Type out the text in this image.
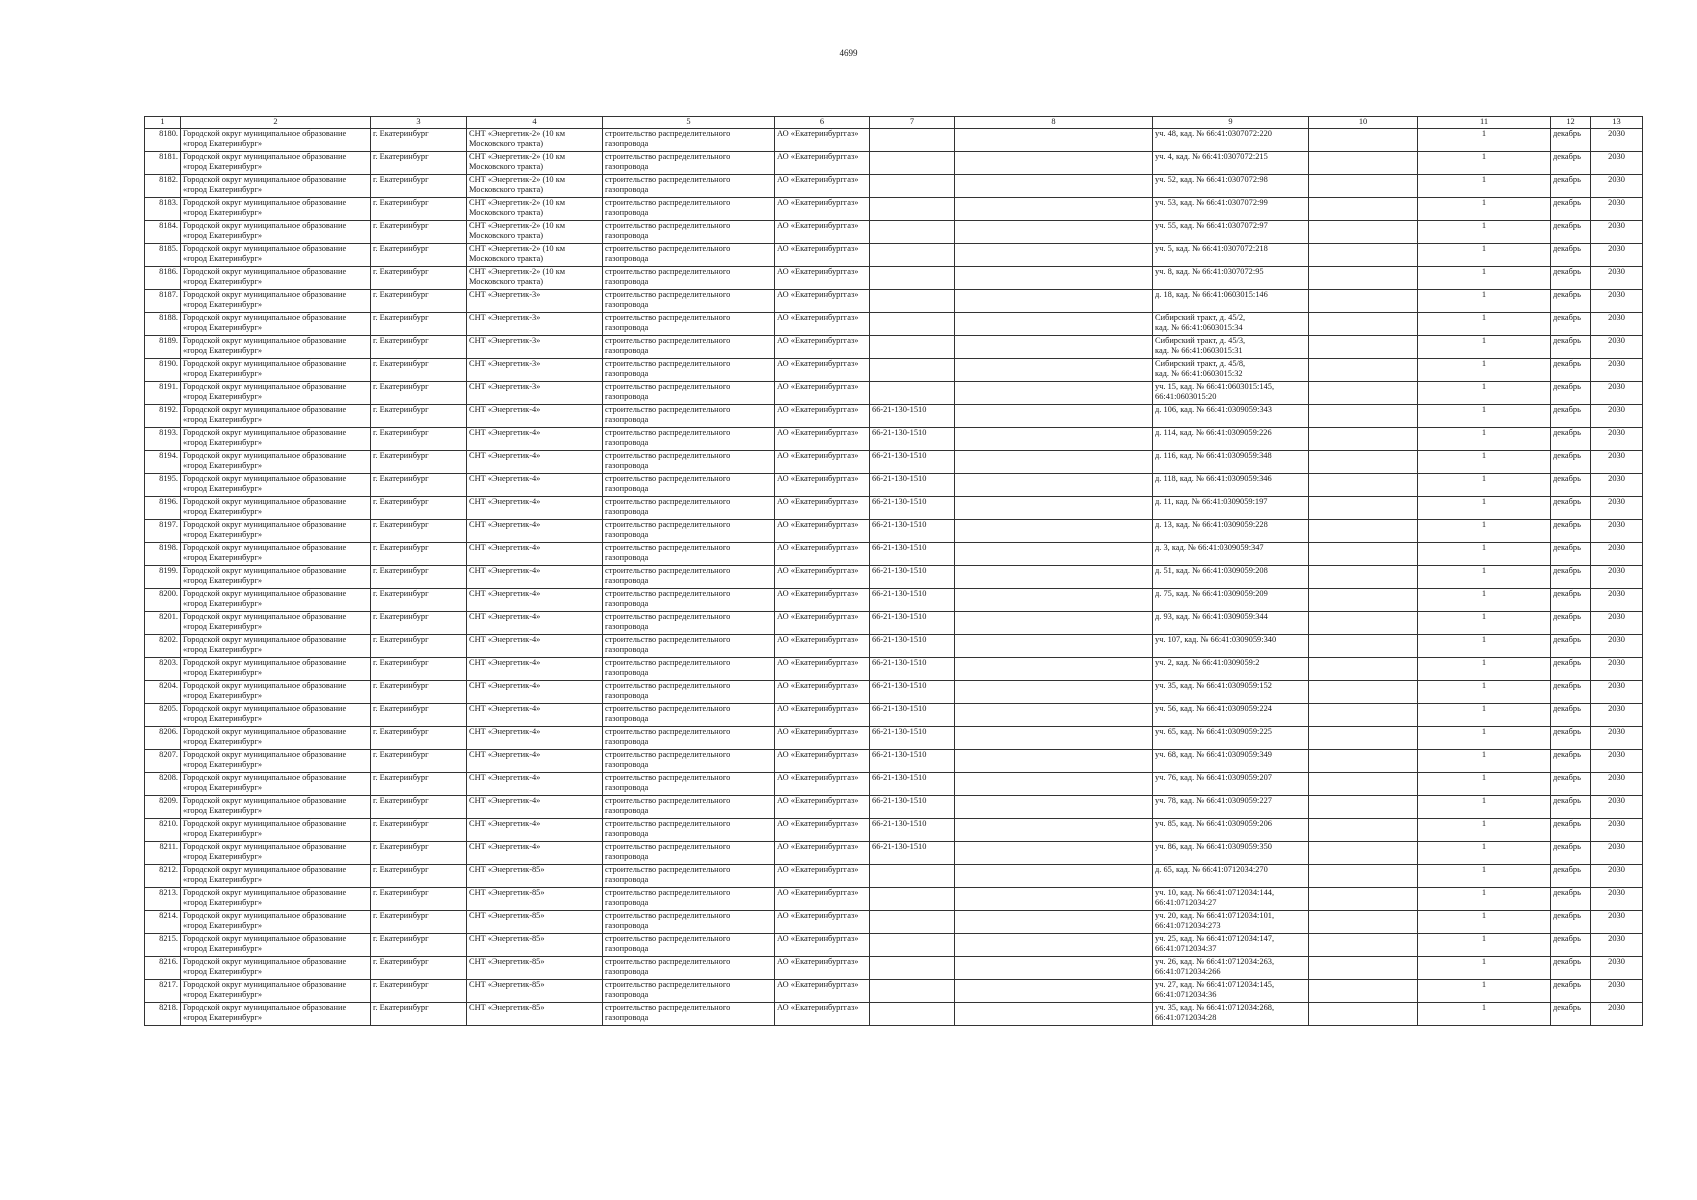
4699
1	2	3	4	5	6	7	8	9	10	11	12	13

8180.	Городской округ муниципальное образование
«город Екатеринбург»	г. Екатеринбург	СНТ «Энергетик-2» (10 км
Московского тракта)	строительство распределительного
газопровода	АО «Екатеринбурггаз»			уч. 48, кад. № 66:41:0307072:220		1	декабрь	2030

8181.	Городской округ муниципальное образование
«город Екатеринбург»	г. Екатеринбург	СНТ «Энергетик-2» (10 км
Московского тракта)	строительство распределительного
газопровода	АО «Екатеринбурггаз»			уч. 4, кад. № 66:41:0307072:215		1	декабрь	2030

8182.	Городской округ муниципальное образование
«город Екатеринбург»	г. Екатеринбург	СНТ «Энергетик-2» (10 км
Московского тракта)	строительство распределительного
газопровода	АО «Екатеринбурггаз»			уч. 52, кад. № 66:41:0307072:98		1	декабрь	2030

8183.	Городской округ муниципальное образование
«город Екатеринбург»	г. Екатеринбург	СНТ «Энергетик-2» (10 км
Московского тракта)	строительство распределительного
газопровода	АО «Екатеринбурггаз»			уч. 53, кад. № 66:41:0307072:99		1	декабрь	2030

8184.	Городской округ муниципальное образование
«город Екатеринбург»	г. Екатеринбург	СНТ «Энергетик-2» (10 км
Московского тракта)	строительство распределительного
газопровода	АО «Екатеринбурггаз»			уч. 55, кад. № 66:41:0307072:97		1	декабрь	2030

8185.	Городской округ муниципальное образование
«город Екатеринбург»	г. Екатеринбург	СНТ «Энергетик-2» (10 км
Московского тракта)	строительство распределительного
газопровода	АО «Екатеринбурггаз»			уч. 5, кад. № 66:41:0307072:218		1	декабрь	2030

8186.	Городской округ муниципальное образование
«город Екатеринбург»	г. Екатеринбург	СНТ «Энергетик-2» (10 км
Московского тракта)	строительство распределительного
газопровода	АО «Екатеринбурггаз»			уч. 8, кад. № 66:41:0307072:95		1	декабрь	2030

8187.	Городской округ муниципальное образование
«город Екатеринбург»	г. Екатеринбург	СНТ «Энергетик-3»	строительство распределительного
газопровода	АО «Екатеринбурггаз»			д. 18, кад. № 66:41:0603015:146		1	декабрь	2030

8188.	Городской округ муниципальное образование
«город Екатеринбург»	г. Екатеринбург	СНТ «Энергетик-3»	строительство распределительного
газопровода	АО «Екатеринбурггаз»			Сибирский тракт, д. 45/2,
кад. № 66:41:0603015:34		1	декабрь	2030

8189.	Городской округ муниципальное образование
«город Екатеринбург»	г. Екатеринбург	СНТ «Энергетик-3»	строительство распределительного
газопровода	АО «Екатеринбурггаз»			Сибирский тракт, д. 45/3,
кад. № 66:41:0603015:31		1	декабрь	2030

8190.	Городской округ муниципальное образование
«город Екатеринбург»	г. Екатеринбург	СНТ «Энергетик-3»	строительство распределительного
газопровода	АО «Екатеринбурггаз»			Сибирский тракт, д. 45/8,
кад. № 66:41:0603015:32		1	декабрь	2030

8191.	Городской округ муниципальное образование
«город Екатеринбург»	г. Екатеринбург	СНТ «Энергетик-3»	строительство распределительного
газопровода	АО «Екатеринбурггаз»			уч. 15, кад. № 66:41:0603015:145,
66:41:0603015:20		1	декабрь	2030

8192.	Городской округ муниципальное образование
«город Екатеринбург»	г. Екатеринбург	СНТ «Энергетик-4»	строительство распределительного
газопровода	АО «Екатеринбурггаз»	66-21-130-1510		д. 106, кад. № 66:41:0309059:343		1	декабрь	2030

8193.	Городской округ муниципальное образование
«город Екатеринбург»	г. Екатеринбург	СНТ «Энергетик-4»	строительство распределительного
газопровода	АО «Екатеринбурггаз»	66-21-130-1510		д. 114, кад. № 66:41:0309059:226		1	декабрь	2030

8194.	Городской округ муниципальное образование
«город Екатеринбург»	г. Екатеринбург	СНТ «Энергетик-4»	строительство распределительного
газопровода	АО «Екатеринбурггаз»	66-21-130-1510		д. 116, кад. № 66:41:0309059:348		1	декабрь	2030

8195.	Городской округ муниципальное образование
«город Екатеринбург»	г. Екатеринбург	СНТ «Энергетик-4»	строительство распределительного
газопровода	АО «Екатеринбурггаз»	66-21-130-1510		д. 118, кад. № 66:41:0309059:346		1	декабрь	2030

8196.	Городской округ муниципальное образование
«город Екатеринбург»	г. Екатеринбург	СНТ «Энергетик-4»	строительство распределительного
газопровода	АО «Екатеринбурггаз»	66-21-130-1510		д. 11, кад. № 66:41:0309059:197		1	декабрь	2030

8197.	Городской округ муниципальное образование
«город Екатеринбург»	г. Екатеринбург	СНТ «Энергетик-4»	строительство распределительного
газопровода	АО «Екатеринбурггаз»	66-21-130-1510		д. 13, кад. № 66:41:0309059:228		1	декабрь	2030

8198.	Городской округ муниципальное образование
«город Екатеринбург»	г. Екатеринбург	СНТ «Энергетик-4»	строительство распределительного
газопровода	АО «Екатеринбурггаз»	66-21-130-1510		д. 3, кад. № 66:41:0309059:347		1	декабрь	2030

8199.	Городской округ муниципальное образование
«город Екатеринбург»	г. Екатеринбург	СНТ «Энергетик-4»	строительство распределительного
газопровода	АО «Екатеринбурггаз»	66-21-130-1510		д. 51, кад. № 66:41:0309059:208		1	декабрь	2030

8200.	Городской округ муниципальное образование
«город Екатеринбург»	г. Екатеринбург	СНТ «Энергетик-4»	строительство распределительного
газопровода	АО «Екатеринбурггаз»	66-21-130-1510		д. 75, кад. № 66:41:0309059:209		1	декабрь	2030

8201.	Городской округ муниципальное образование
«город Екатеринбург»	г. Екатеринбург	СНТ «Энергетик-4»	строительство распределительного
газопровода	АО «Екатеринбурггаз»	66-21-130-1510		д. 93, кад. № 66:41:0309059:344		1	декабрь	2030

8202.	Городской округ муниципальное образование
«город Екатеринбург»	г. Екатеринбург	СНТ «Энергетик-4»	строительство распределительного
газопровода	АО «Екатеринбурггаз»	66-21-130-1510		уч. 107, кад. № 66:41:0309059:340		1	декабрь	2030

8203.	Городской округ муниципальное образование
«город Екатеринбург»	г. Екатеринбург	СНТ «Энергетик-4»	строительство распределительного
газопровода	АО «Екатеринбурггаз»	66-21-130-1510		уч. 2, кад. № 66:41:0309059:2		1	декабрь	2030

8204.	Городской округ муниципальное образование
«город Екатеринбург»	г. Екатеринбург	СНТ «Энергетик-4»	строительство распределительного
газопровода	АО «Екатеринбурггаз»	66-21-130-1510		уч. 35, кад. № 66:41:0309059:152		1	декабрь	2030

8205.	Городской округ муниципальное образование
«город Екатеринбург»	г. Екатеринбург	СНТ «Энергетик-4»	строительство распределительного
газопровода	АО «Екатеринбурггаз»	66-21-130-1510		уч. 56, кад. № 66:41:0309059:224		1	декабрь	2030

8206.	Городской округ муниципальное образование
«город Екатеринбург»	г. Екатеринбург	СНТ «Энергетик-4»	строительство распределительного
газопровода	АО «Екатеринбурггаз»	66-21-130-1510		уч. 65, кад. № 66:41:0309059:225		1	декабрь	2030

8207.	Городской округ муниципальное образование
«город Екатеринбург»	г. Екатеринбург	СНТ «Энергетик-4»	строительство распределительного
газопровода	АО «Екатеринбурггаз»	66-21-130-1510		уч. 68, кад. № 66:41:0309059:349		1	декабрь	2030

8208.	Городской округ муниципальное образование
«город Екатеринбург»	г. Екатеринбург	СНТ «Энергетик-4»	строительство распределительного
газопровода	АО «Екатеринбурггаз»	66-21-130-1510		уч. 76, кад. № 66:41:0309059:207		1	декабрь	2030

8209.	Городской округ муниципальное образование
«город Екатеринбург»	г. Екатеринбург	СНТ «Энергетик-4»	строительство распределительного
газопровода	АО «Екатеринбурггаз»	66-21-130-1510		уч. 78, кад. № 66:41:0309059:227		1	декабрь	2030

8210.	Городской округ муниципальное образование
«город Екатеринбург»	г. Екатеринбург	СНТ «Энергетик-4»	строительство распределительного
газопровода	АО «Екатеринбурггаз»	66-21-130-1510		уч. 85, кад. № 66:41:0309059:206		1	декабрь	2030

8211.	Городской округ муниципальное образование
«город Екатеринбург»	г. Екатеринбург	СНТ «Энергетик-4»	строительство распределительного
газопровода	АО «Екатеринбурггаз»	66-21-130-1510		уч. 86, кад. № 66:41:0309059:350		1	декабрь	2030

8212.	Городской округ муниципальное образование
«город Екатеринбург»	г. Екатеринбург	СНТ «Энергетик-85»	строительство распределительного
газопровода	АО «Екатеринбурггаз»			д. 65, кад. № 66:41:0712034:270		1	декабрь	2030

8213.	Городской округ муниципальное образование
«город Екатеринбург»	г. Екатеринбург	СНТ «Энергетик-85»	строительство распределительного
газопровода	АО «Екатеринбурггаз»			уч. 10, кад. № 66:41:0712034:144,
66:41:0712034:27		1	декабрь	2030

8214.	Городской округ муниципальное образование
«город Екатеринбург»	г. Екатеринбург	СНТ «Энергетик-85»	строительство распределительного
газопровода	АО «Екатеринбурггаз»			уч. 20, кад. № 66:41:0712034:101,
66:41:0712034:273		1	декабрь	2030

8215.	Городской округ муниципальное образование
«город Екатеринбург»	г. Екатеринбург	СНТ «Энергетик-85»	строительство распределительного
газопровода	АО «Екатеринбурггаз»			уч. 25, кад. № 66:41:0712034:147,
66:41:0712034:37		1	декабрь	2030

8216.	Городской округ муниципальное образование
«город Екатеринбург»	г. Екатеринбург	СНТ «Энергетик-85»	строительство распределительного
газопровода	АО «Екатеринбурггаз»			уч. 26, кад. № 66:41:0712034:263,
66:41:0712034:266		1	декабрь	2030

8217.	Городской округ муниципальное образование
«город Екатеринбург»	г. Екатеринбург	СНТ «Энергетик-85»	строительство распределительного
газопровода	АО «Екатеринбурггаз»			уч. 27, кад. № 66:41:0712034:145,
66:41:0712034:36		1	декабрь	2030

8218.	Городской округ муниципальное образование
«город Екатеринбург»	г. Екатеринбург	СНТ «Энергетик-85»	строительство распределительного
газопровода	АО «Екатеринбурггаз»			уч. 35, кад. № 66:41:0712034:268,
66:41:0712034:28		1	декабрь	2030
